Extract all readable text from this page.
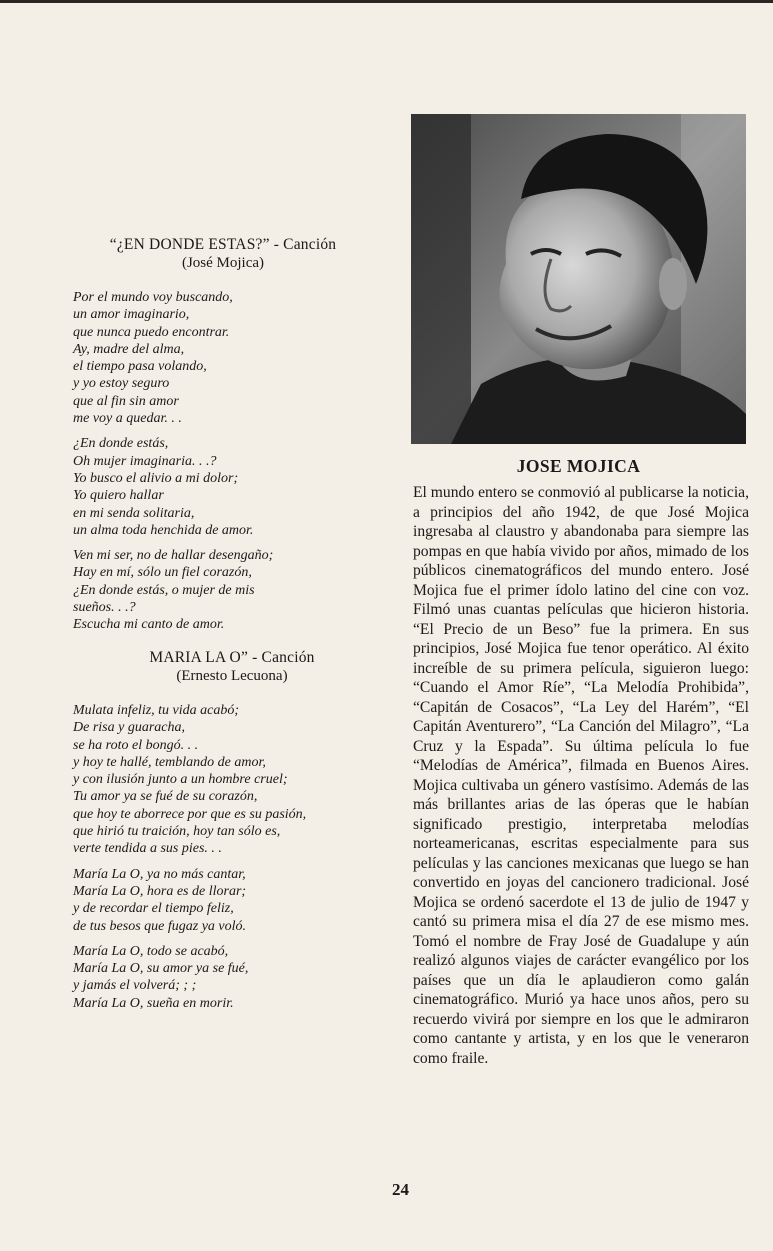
“¿EN DONDE ESTAS?” - Canción

(José Mojica)

Por el mundo voy buscando,
un amor imaginario,
que nunca puedo encontrar.
Ay, madre del alma,
el tiempo pasa volando,
y yo estoy seguro
que al fin sin amor
me voy a quedar. . .
¿En donde estás,
Oh mujer imaginaria. . .?
Yo busco el alivio a mi dolor;
Yo quiero hallar
en mi senda solitaria,
un alma toda henchida de amor.
Ven mi ser, no de hallar desengaño;
Hay en mí, sólo un fiel corazón,
¿En donde estás, o mujer de mis
sueños. . .?
Escucha mi canto de amor.

MARIA LA O” - Canción

(Ernesto Lecuona)

Mulata infeliz, tu vida acabó;
De risa y guaracha,
se ha roto el bongó. . .
y hoy te hallé, temblando de amor,
y con ilusión junto a un hombre cruel;
Tu amor ya se fué de su corazón,
que hoy te aborrece por que es su pasión,
que hirió tu traición, hoy tan sólo es,
verte tendida a sus pies. . .
María La O, ya no más cantar,
María La O, hora es de llorar;
y de recordar el tiempo feliz,
de tus besos que fugaz ya voló.
María La O, todo se acabó,
María La O, su amor ya se fué,
y jamás el volverá; ; ;
María La O, sueña en morir.
JOSE MOJICA

El mundo entero se conmovió al publicarse la noticia, a principios del año 1942, de que José Mojica ingresaba al claustro y abandonaba para siempre las pompas en que había vivido por años, mimado de los públicos cinematográficos del mundo entero. José Mojica fue el primer ídolo latino del cine con voz. Filmó unas cuantas películas que hicieron historia. “El Precio de un Beso” fue la primera. En sus principios, José Mojica fue tenor operático. Al éxito increíble de su primera película, siguieron luego: “Cuando el Amor Ríe”, “La Melodía Prohibida”, “Capitán de Cosacos”, “La Ley del Harém”, “El Capitán Aventurero”, “La Canción del Milagro”, “La Cruz y la Espada”. Su última película lo fue “Melodías de América”, filmada en Buenos Aires. Mojica cultivaba un género vastísimo. Además de las más brillantes arias de las óperas que le habían significado prestigio, interpretaba melodías norteamericanas, escritas especialmente para sus películas y las canciones mexicanas que luego se han convertido en joyas del cancionero tradicional. José Mojica se ordenó sacerdote el 13 de julio de 1947 y cantó su primera misa el día 27 de ese mismo mes. Tomó el nombre de Fray José de Guadalupe y aún realizó algunos viajes de carácter evangélico por los países que un día le aplaudieron como galán cinematográfico. Murió ya hace unos años, pero su recuerdo vivirá por siempre en los que le admiraron como cantante y artista, y en los que le veneraron como fraile.

24
